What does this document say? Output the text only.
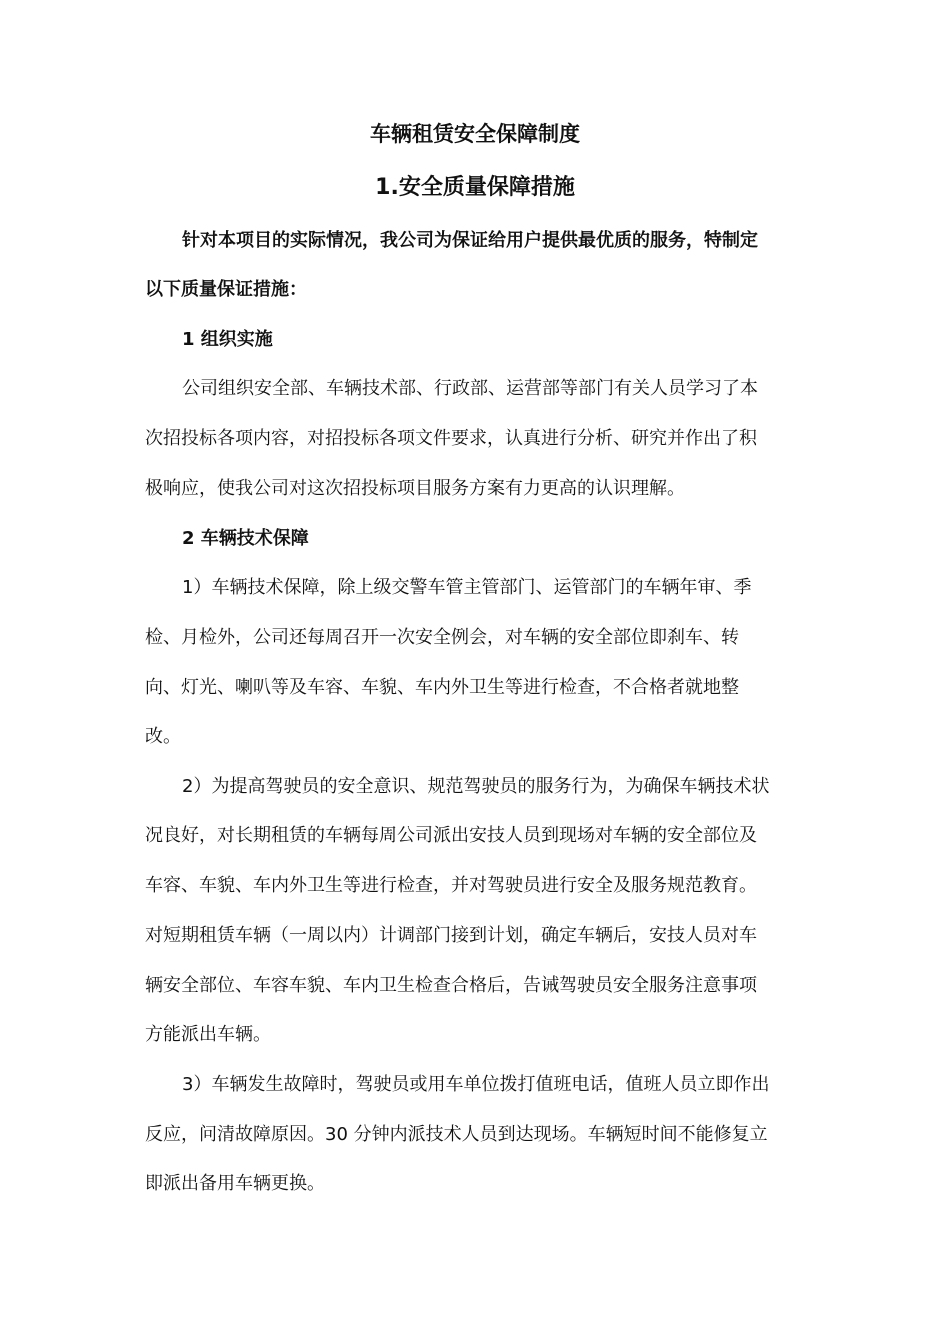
车辆租赁安全保障制度
1.安全质量保障措施
针对本项目的实际情况，我公司为保证给用户提供最优质的服务，特制定
以下质量保证措施：
1 组织实施
公司组织安全部、车辆技术部、行政部、运营部等部门有关人员学习了本
次招投标各项内容，对招投标各项文件要求，认真进行分析、研究并作出了积
极响应，使我公司对这次招投标项目服务方案有力更高的认识理解。
2 车辆技术保障
1）车辆技术保障，除上级交警车管主管部门、运管部门的车辆年审、季
检、月检外，公司还每周召开一次安全例会，对车辆的安全部位即刹车、转
向、灯光、喇叭等及车容、车貌、车内外卫生等进行检查，不合格者就地整
改。
2）为提高驾驶员的安全意识、规范驾驶员的服务行为，为确保车辆技术状
况良好，对长期租赁的车辆每周公司派出安技人员到现场对车辆的安全部位及
车容、车貌、车内外卫生等进行检查，并对驾驶员进行安全及服务规范教育。
对短期租赁车辆（一周以内）计调部门接到计划，确定车辆后，安技人员对车
辆安全部位、车容车貌、车内卫生检查合格后，告诫驾驶员安全服务注意事项
方能派出车辆。
3）车辆发生故障时，驾驶员或用车单位拨打值班电话，值班人员立即作出
反应，问清故障原因。30 分钟内派技术人员到达现场。车辆短时间不能修复立
即派出备用车辆更换。
